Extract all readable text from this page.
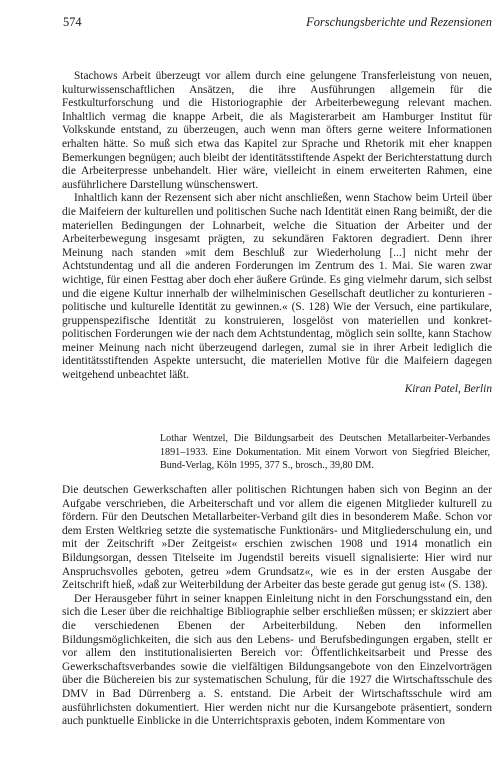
574	Forschungsberichte und Rezensionen

Stachows Arbeit überzeugt vor allem durch eine gelungene Transferleistung von neuen, kulturwissenschaftlichen Ansätzen, die ihre Ausführungen allgemein für die Festkulturforschung und die Historiographie der Arbeiterbewegung relevant machen. Inhaltlich vermag die knappe Arbeit, die als Magisterarbeit am Hamburger Institut für Volkskunde entstand, zu überzeugen, auch wenn man öfters gerne weitere Informationen erhalten hätte. So muß sich etwa das Kapitel zur Sprache und Rhetorik mit eher knappen Bemerkungen begnügen; auch bleibt der identitätsstiftende Aspekt der Berichterstattung durch die Arbeiterpresse unbehandelt. Hier wäre, vielleicht in einem erweiterten Rahmen, eine ausführlichere Darstellung wünschenswert.

Inhaltlich kann der Rezensent sich aber nicht anschließen, wenn Stachow beim Urteil über die Maifeiern der kulturellen und politischen Suche nach Identität einen Rang beimißt, der die materiellen Bedingungen der Lohnarbeit, welche die Situation der Arbeiter und der Arbeiterbewegung insgesamt prägten, zu sekundären Faktoren degradiert. Denn ihrer Meinung nach standen »mit dem Beschluß zur Wiederholung [...] nicht mehr der Achtstundentag und all die anderen Forderungen im Zentrum des 1. Mai. Sie waren zwar wichtige, für einen Festtag aber doch eher äußere Gründe. Es ging vielmehr darum, sich selbst und die eigene Kultur innerhalb der wilhelminischen Gesellschaft deutlicher zu konturieren - politische und kulturelle Identität zu gewinnen.« (S. 128) Wie der Versuch, eine partikulare, gruppenspezifische Identität zu konstruieren, losgelöst von materiellen und konkret-politischen Forderungen wie der nach dem Achtstundentag, möglich sein sollte, kann Stachow meiner Meinung nach nicht überzeugend darlegen, zumal sie in ihrer Arbeit lediglich die identitätsstiftenden Aspekte untersucht, die materiellen Motive für die Maifeiern dagegen weitgehend unbeachtet läßt.

Kiran Patel, Berlin

Lothar Wentzel, Die Bildungsarbeit des Deutschen Metallarbeiter-Verbandes 1891–1933. Eine Dokumentation. Mit einem Vorwort von Siegfried Bleicher, Bund-Verlag, Köln 1995, 377 S., brosch., 39,80 DM.

Die deutschen Gewerkschaften aller politischen Richtungen haben sich von Beginn an der Aufgabe verschrieben, die Arbeiterschaft und vor allem die eigenen Mitglieder kulturell zu fördern. Für den Deutschen Metallarbeiter-Verband gilt dies in besonderem Maße. Schon vor dem Ersten Weltkrieg setzte die systematische Funktionärs- und Mitgliederschulung ein, und mit der Zeitschrift »Der Zeitgeist« erschien zwischen 1908 und 1914 monatlich ein Bildungsorgan, dessen Titelseite im Jugendstil bereits visuell signalisierte: Hier wird nur Anspruchsvolles geboten, getreu »dem Grundsatz«, wie es in der ersten Ausgabe der Zeitschrift hieß, »daß zur Weiterbildung der Arbeiter das beste gerade gut genug ist« (S. 138).

Der Herausgeber führt in seiner knappen Einleitung nicht in den Forschungsstand ein, den sich die Leser über die reichhaltige Bibliographie selber erschließen müssen; er skizziert aber die verschiedenen Ebenen der Arbeiterbildung. Neben den informellen Bildungsmöglichkeiten, die sich aus den Lebens- und Berufsbedingungen ergaben, stellt er vor allem den institutionalisierten Bereich vor: Öffentlichkeitsarbeit und Presse des Gewerkschaftsverbandes sowie die vielfältigen Bildungsangebote von den Einzelvorträgen über die Büchereien bis zur systematischen Schulung, für die 1927 die Wirtschaftsschule des DMV in Bad Dürrenberg a. S. entstand. Die Arbeit der Wirtschaftsschule wird am ausführlichsten dokumentiert. Hier werden nicht nur die Kursangebote präsentiert, sondern auch punktuelle Einblicke in die Unterrichtspraxis geboten, indem Kommentare von
